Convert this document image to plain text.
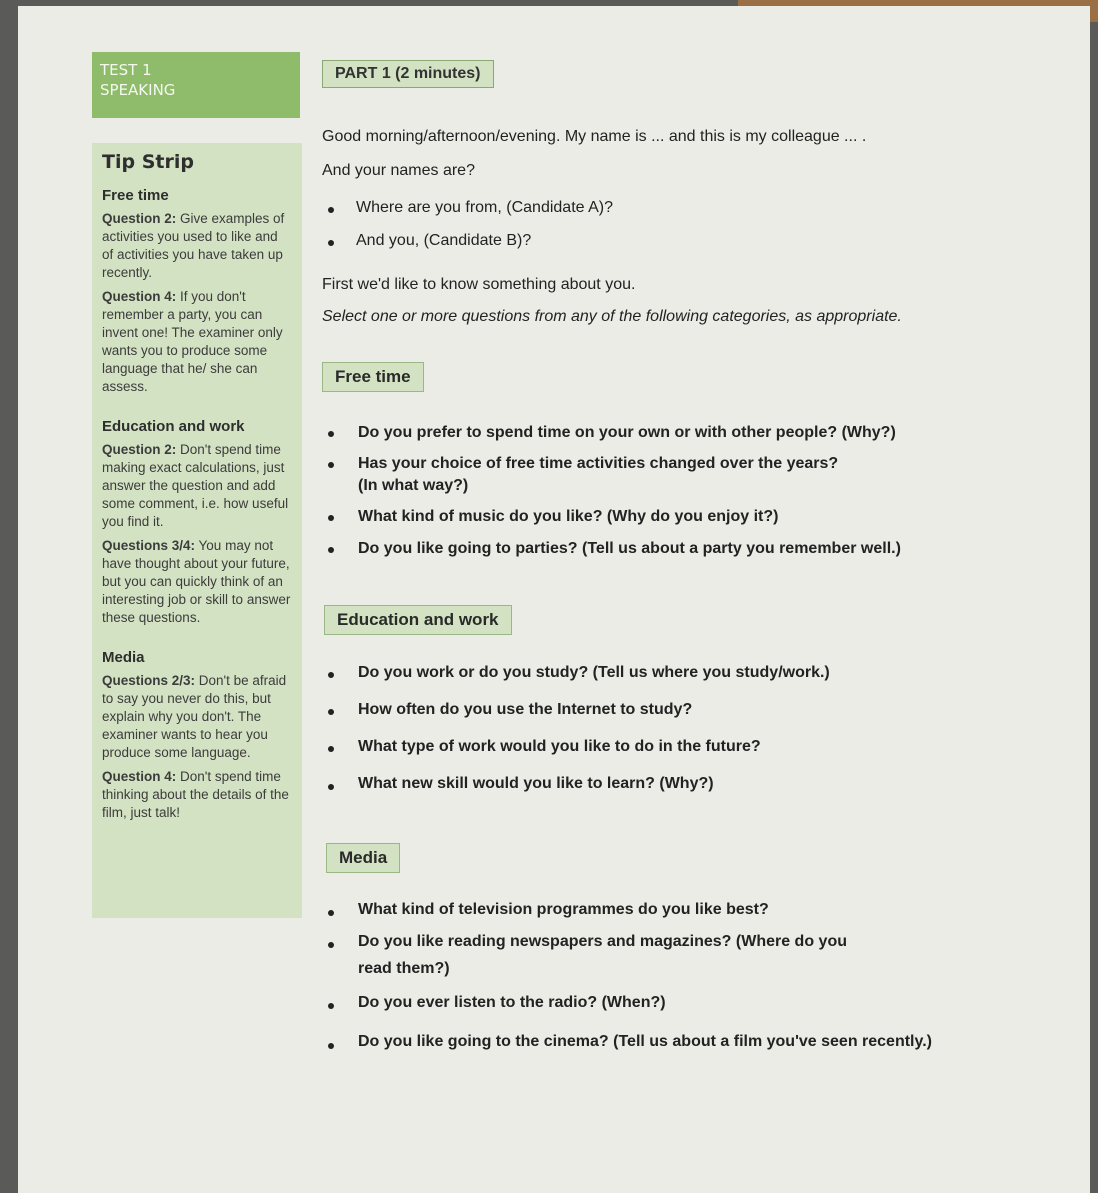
TEST 1
SPEAKING
PART 1 (2 minutes)
Tip Strip
Free time
Question 2: Give examples of activities you used to like and of activities you have taken up recently.
Question 4: If you don't remember a party, you can invent one! The examiner only wants you to produce some language that he/ she can assess.
Education and work
Question 2: Don't spend time making exact calculations, just answer the question and add some comment, i.e. how useful you find it.
Questions 3/4: You may not have thought about your future, but you can quickly think of an interesting job or skill to answer these questions.
Media
Questions 2/3: Don't be afraid to say you never do this, but explain why you don't. The examiner wants to hear you produce some language.
Question 4: Don't spend time thinking about the details of the film, just talk!
Good morning/afternoon/evening. My name is ... and this is my colleague ... .
And your names are?
Where are you from, (Candidate A)?
And you, (Candidate B)?
First we'd like to know something about you.
Select one or more questions from any of the following categories, as appropriate.
Free time
Do you prefer to spend time on your own or with other people? (Why?)
Has your choice of free time activities changed over the years?
(In what way?)
What kind of music do you like? (Why do you enjoy it?)
Do you like going to parties? (Tell us about a party you remember well.)
Education and work
Do you work or do you study? (Tell us where you study/work.)
How often do you use the Internet to study?
What type of work would you like to do in the future?
What new skill would you like to learn? (Why?)
Media
What kind of television programmes do you like best?
Do you like reading newspapers and magazines? (Where do you
read them?)
Do you ever listen to the radio? (When?)
Do you like going to the cinema? (Tell us about a film you've seen recently.)
